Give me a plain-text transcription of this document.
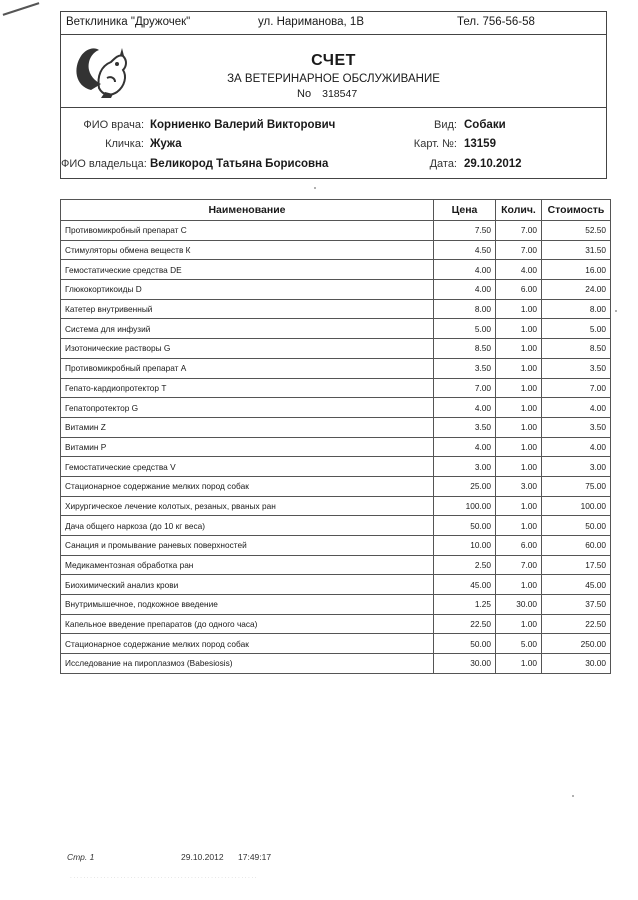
Ветклиника "Дружочек"	ул. Нариманова, 1В	Тел. 756-56-58
СЧЕТ
ЗА ВЕТЕРИНАРНОЕ ОБСЛУЖИВАНИЕ
No 318547
ФИО врача: Корниенко Валерий Викторович
Кличка: Жужа
ФИО владельца: Великород Татьяна Борисовна
Вид: Собаки
Карт. №: 13159
Дата: 29.10.2012
Наименование	Цена	Колич.	Стоимость
Противомикробный препарат С	7.50	7.00	52.50
Стимуляторы обмена веществ К	4.50	7.00	31.50
Гемостатические средства DE	4.00	4.00	16.00
Глюкокортикоиды D	4.00	6.00	24.00
Катетер внутривенный	8.00	1.00	8.00
Система для инфузий	5.00	1.00	5.00
Изотонические растворы G	8.50	1.00	8.50
Противомикробный препарат А	3.50	1.00	3.50
Гепато-кардиопротектор Т	7.00	1.00	7.00
Гепатопротектор G	4.00	1.00	4.00
Витамин Z	3.50	1.00	3.50
Витамин P	4.00	1.00	4.00
Гемостатические средства V	3.00	1.00	3.00
Стационарное содержание мелких пород собак	25.00	3.00	75.00
Хирургическое лечение колотых, резаных, рваных ран	100.00	1.00	100.00
Дача общего наркоза (до 10 кг веса)	50.00	1.00	50.00
Санация и промывание раневых поверхностей	10.00	6.00	60.00
Медикаментозная обработка ран	2.50	7.00	17.50
Биохимический анализ крови	45.00	1.00	45.00
Внутримышечное, подкожное введение	1.25	30.00	37.50
Капельное введение препаратов (до одного часа)	22.50	1.00	22.50
Стационарное содержание мелких пород собак	50.00	5.00	250.00
Исследование на пироплазмоз (Babesiosis)	30.00	1.00	30.00
Стр. 1	29.10.2012 17:49:17
· · · · · · · · · · · · · · · · · · · · · · · · · · · · · · · · · · · · · · · · · · · · · · · · · · · · · · · ·
